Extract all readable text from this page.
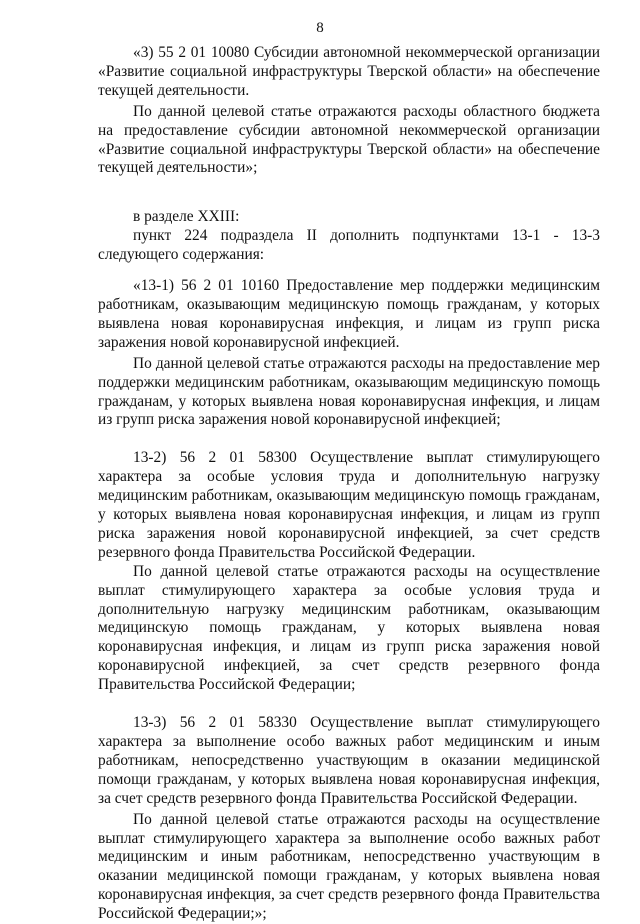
8

«3) 55 2 01 10080 Субсидии автономной некоммерческой организации «Развитие социальной инфраструктуры Тверской области» на обеспечение текущей деятельности.

По данной целевой статье отражаются расходы областного бюджета на предоставление субсидии автономной некоммерческой организации «Развитие социальной инфраструктуры Тверской области» на обеспечение текущей деятельности»;

в разделе XXIII:

пункт 224 подраздела II дополнить подпунктами 13-1 - 13-3 следующего содержания:

«13-1) 56 2 01 10160 Предоставление мер поддержки медицинским работникам, оказывающим медицинскую помощь гражданам, у которых выявлена новая коронавирусная инфекция, и лицам из групп риска заражения новой коронавирусной инфекцией.

По данной целевой статье отражаются расходы на предоставление мер поддержки медицинским работникам, оказывающим медицинскую помощь гражданам, у которых выявлена новая коронавирусная инфекция, и лицам из групп риска заражения новой коронавирусной инфекцией;

13-2) 56 2 01 58300 Осуществление выплат стимулирующего характера за особые условия труда и дополнительную нагрузку медицинским работникам, оказывающим медицинскую помощь гражданам, у которых выявлена новая коронавирусная инфекция, и лицам из групп риска заражения новой коронавирусной инфекцией, за счет средств резервного фонда Правительства Российской Федерации.

По данной целевой статье отражаются расходы на осуществление выплат стимулирующего характера за особые условия труда и дополнительную нагрузку медицинским работникам, оказывающим медицинскую помощь гражданам, у которых выявлена новая коронавирусная инфекция, и лицам из групп риска заражения новой коронавирусной инфекцией, за счет средств резервного фонда Правительства Российской Федерации;

13-3) 56 2 01 58330 Осуществление выплат стимулирующего характера за выполнение особо важных работ медицинским и иным работникам, непосредственно участвующим в оказании медицинской помощи гражданам, у которых выявлена новая коронавирусная инфекция, за счет средств резервного фонда Правительства Российской Федерации.

По данной целевой статье отражаются расходы на осуществление выплат стимулирующего характера за выполнение особо важных работ медицинским и иным работникам, непосредственно участвующим в оказании медицинской помощи гражданам, у которых выявлена новая коронавирусная инфекция, за счет средств резервного фонда Правительства Российской Федерации;»;
